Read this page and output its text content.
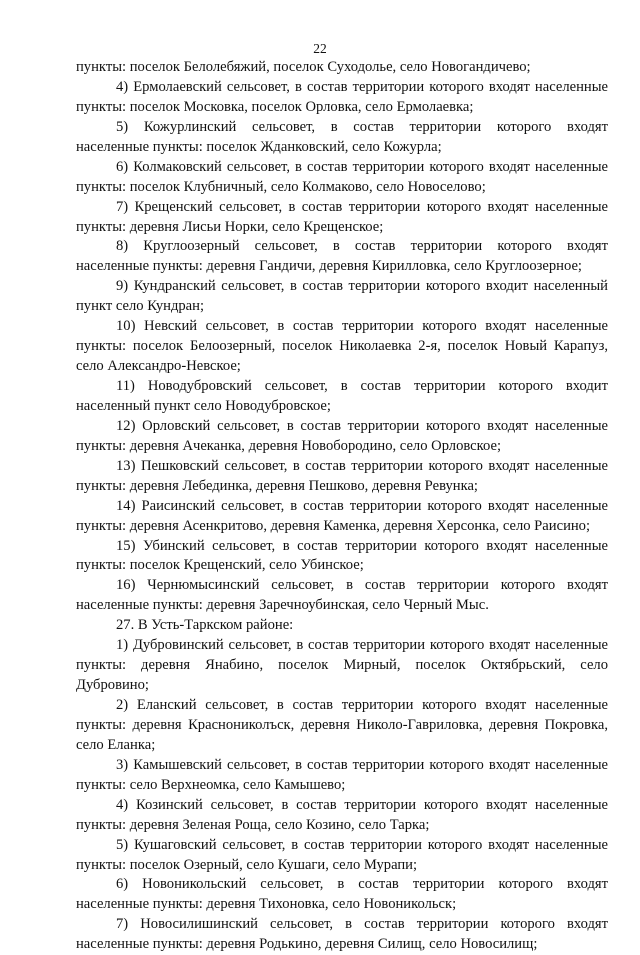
22
пункты: поселок Белолебяжий, поселок Суходолье, село Новогандичево;
4) Ермолаевский сельсовет, в состав территории которого входят населенные
пункты: поселок Московка, поселок Орловка, село Ермолаевка;
5) Кожурлинский сельсовет, в состав территории которого входят
населенные пункты: поселок Жданковский, село Кожурла;
6) Колмаковский сельсовет, в состав территории которого входят населенные
пункты: поселок Клубничный, село Колмаково, село Новоселово;
7) Крещенский сельсовет, в состав территории которого входят населенные
пункты: деревня Лисьи Норки, село Крещенское;
8) Круглоозерный сельсовет, в состав территории которого входят
населенные пункты: деревня Гандичи, деревня Кирилловка, село Круглоозерное;
9) Кундранский сельсовет, в состав территории которого входит населенный
пункт село Кундран;
10) Невский сельсовет, в состав территории которого входят населенные
пункты: поселок Белоозерный, поселок Николаевка 2-я, поселок Новый Карапуз,
село Александро-Невское;
11) Новодубровский сельсовет, в состав территории которого входит
населенный пункт село Новодубровское;
12) Орловский сельсовет, в состав территории которого входят населенные
пункты: деревня Ачеканка, деревня Новобородино, село Орловское;
13) Пешковский сельсовет, в состав территории которого входят населенные
пункты: деревня Лебединка, деревня Пешково, деревня Ревунка;
14) Раисинский сельсовет, в состав территории которого входят населенные
пункты: деревня Асенкритово, деревня Каменка, деревня Херсонка, село Раисино;
15) Убинский сельсовет, в состав территории которого входят населенные
пункты: поселок Крещенский, село Убинское;
16) Чернюмысинский сельсовет, в состав территории которого входят
населенные пункты: деревня Заречноубинская, село Черный Мыс.
27. В Усть-Таркском районе:
1) Дубровинский сельсовет, в состав территории которого входят населенные
пункты: деревня Янабино, поселок Мирный, поселок Октябрьский, село
Дубровино;
2) Еланский сельсовет, в состав территории которого входят населенные
пункты: деревня Краснониколъск, деревня Николо-Гавриловка, деревня Покровка,
село Еланка;
3) Камышевский сельсовет, в состав территории которого входят населенные
пункты: село Верхнеомка, село Камышево;
4) Козинский сельсовет, в состав территории которого входят населенные
пункты: деревня Зеленая Роща, село Козино, село Тарка;
5) Кушаговский сельсовет, в состав территории которого входят населенные
пункты: поселок Озерный, село Кушаги, село Мурапи;
6) Новоникольский сельсовет, в состав территории которого входят
населенные пункты: деревня Тихоновка, село Новоникольск;
7) Новосилишинский сельсовет, в состав территории которого входят
населенные пункты: деревня Родькино, деревня Силищ, село Новосилищ;
